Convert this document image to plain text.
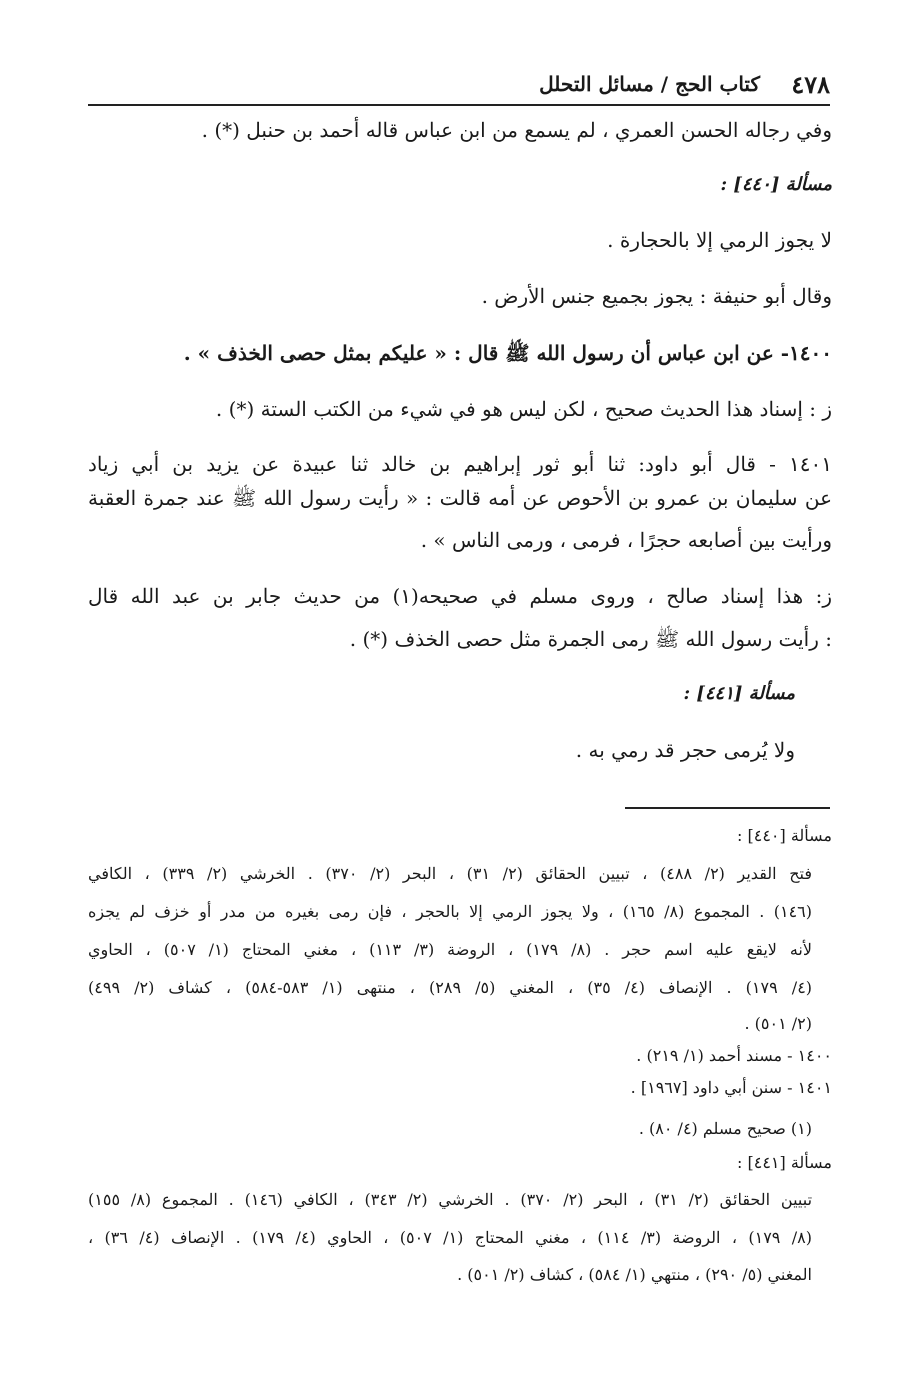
٤٧٨
كتاب الحج / مسائل التحلل
وفي رجاله الحسن العمري ، لم يسمع من ابن عباس قاله أحمد بن حنبل (*) .
مسألة [٤٤٠] :
لا يجوز الرمي إلا بالحجارة .
وقال أبو حنيفة : يجوز بجميع جنس الأرض .
١٤٠٠- عن ابن عباس أن رسول الله ﷺ قال : « عليكم بمثل حصى الخذف » .
ز : إسناد هذا الحديث صحيح ، لكن ليس هو في شيء من الكتب الستة (*) .
١٤٠١ - قال أبو داود: ثنا أبو ثور إبراهيم بن خالد ثنا عبيدة عن يزيد بن أبي زياد
عن سليمان بن عمرو بن الأحوص عن أمه قالت : « رأيت رسول الله ﷺ عند جمرة العقبة
ورأيت بين أصابعه حجرًا ، فرمى ، ورمى الناس » .
ز: هذا إسناد صالح ، وروى مسلم في صحيحه(١) من حديث جابر بن عبد الله قال
: رأيت رسول الله ﷺ رمى الجمرة مثل حصى الخذف (*) .
مسألة [٤٤١] :
ولا يُرمى حجر قد رمي به .
مسألة [٤٤٠] :
فتح القدير (٢/ ٤٨٨) ، تبيين الحقائق (٢/ ٣١) ، البحر (٢/ ٣٧٠) . الخرشي (٢/ ٣٣٩) ، الكافي
(١٤٦) . المجموع (٨/ ١٦٥) ، ولا يجوز الرمي إلا بالحجر ، فإن رمى بغيره من مدر أو خزف لم يجزه
لأنه لايقع عليه اسم حجر . (٨/ ١٧٩) ، الروضة (٣/ ١١٣) ، مغني المحتاج (١/ ٥٠٧) ، الحاوي
(٤/ ١٧٩) . الإنصاف (٤/ ٣٥) ، المغني (٥/ ٢٨٩) ، منتهى (١/ ٥٨٣-٥٨٤) ، كشاف (٢/ ٤٩٩)
(٢/ ٥٠١) .
١٤٠٠ - مسند أحمد (١/ ٢١٩) .
١٤٠١ - سنن أبي داود [١٩٦٧] .
(١) صحيح مسلم (٤/ ٨٠) .
مسألة [٤٤١] :
تبيين الحقائق (٢/ ٣١) ، البحر (٢/ ٣٧٠) . الخرشي (٢/ ٣٤٣) ، الكافي (١٤٦) . المجموع (٨/ ١٥٥)
(٨/ ١٧٩) ، الروضة (٣/ ١١٤) ، مغني المحتاج (١/ ٥٠٧) ، الحاوي (٤/ ١٧٩) . الإنصاف (٤/ ٣٦) ،
المغني (٥/ ٢٩٠) ، منتهي (١/ ٥٨٤) ، كشاف (٢/ ٥٠١) .
